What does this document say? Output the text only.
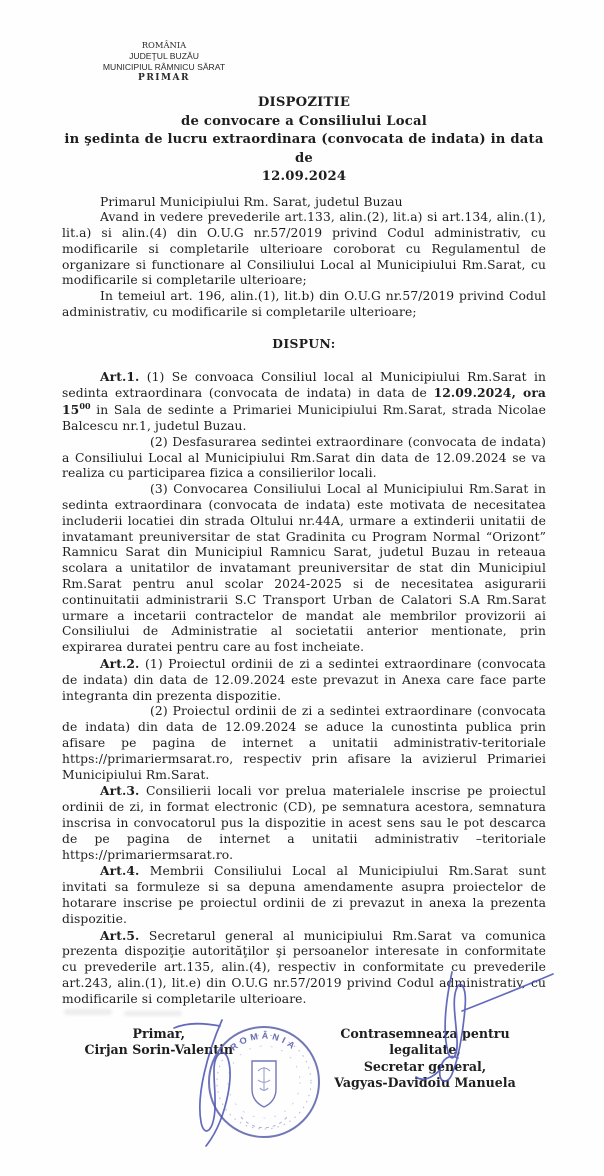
ROMÂNIA
JUDEŢUL BUZĂU
MUNICIPIUL RÂMNICU SĂRAT
PRIMAR
DISPOZITIE
de convocare a Consiliului Local
in şedinta de lucru extraordinara (convocata de indata) in data de
12.09.2024

Primarul Municipiului Rm. Sarat, judetul Buzau

Avand in vedere prevederile art.133, alin.(2), lit.a) si art.134, alin.(1), lit.a) si alin.(4) din O.U.G nr.57/2019 privind Codul administrativ, cu modificarile si completarile ulterioare coroborat cu Regulamentul de organizare si functionare al Consiliului Local al Municipiului Rm.Sarat, cu modificarile si completarile ulterioare;

In temeiul art. 196, alin.(1), lit.b) din O.U.G nr.57/2019 privind Codul administrativ, cu modificarile si completarile ulterioare;

DISPUN:

Art.1. (1) Se convoaca Consiliul local al Municipiului Rm.Sarat in sedinta extraordinara (convocata de indata) in data de 12.09.2024, ora $15^{00}$ in Sala de sedinte a Primariei Municipiului Rm.Sarat, strada Nicolae Balcescu nr.1, judetul Buzau.

(2) Desfasurarea sedintei extraordinare (convocata de indata) a Consiliului Local al Municipiului Rm.Sarat din data de 12.09.2024 se va realiza cu participarea fizica a consilierilor locali.

(3) Convocarea Consiliului Local al Municipiului Rm.Sarat in sedinta extraordinara (convocata de indata) este motivata de necesitatea includerii locatiei din strada Oltului nr.44A, urmare a extinderii unitatii de invatamant preuniversitar de stat Gradinita cu Program Normal “Orizont” Ramnicu Sarat din Municipiul Ramnicu Sarat, judetul Buzau in reteaua scolara a unitatilor de invatamant preuniversitar de stat din Municipiul Rm.Sarat pentru anul scolar 2024-2025 si de necesitatea asigurarii continuitatii administrarii S.C Transport Urban de Calatori S.A Rm.Sarat urmare a incetarii contractelor de mandat ale membrilor provizorii ai Consiliului de Administratie al societatii anterior mentionate, prin expirarea duratei pentru care au fost incheiate.

Art.2. (1) Proiectul ordinii de zi a sedintei extraordinare (convocata de indata) din data de 12.09.2024 este prevazut in Anexa care face parte integranta din prezenta dispozitie.

(2) Proiectul ordinii de zi a sedintei extraordinare (convocata de indata) din data de 12.09.2024 se aduce la cunostinta publica prin afisare pe pagina de internet a unitatii administrativ-teritoriale https://primariermsarat.ro, respectiv prin afisare la avizierul Primariei Municipiului Rm.Sarat.

Art.3. Consilierii locali vor prelua materialele inscrise pe proiectul ordinii de zi, in format electronic (CD), pe semnatura acestora, semnatura inscrisa in convocatorul pus la dispozitie in acest sens sau le pot descarca de pe pagina de internet a unitatii administrativ –teritoriale https://primariermsarat.ro.

Art.4. Membrii Consiliului Local al Municipiului Rm.Sarat sunt invitati sa formuleze si sa depuna amendamente asupra proiectelor de hotarare inscrise pe proiectul ordinii de zi prevazut in anexa la prezenta dispozitie.

Art.5. Secretarul general al municipiului Rm.Sarat va comunica prezenta dispoziţie autorităţilor şi persoanelor interesate in conformitate cu prevederile art.135, alin.(4), respectiv in conformitate cu prevederile art.243, alin.(1), lit.e) din O.U.G nr.57/2019 privind Codul administrativ, cu modificarile si completarile ulterioare.

Primar,
Cirjan Sorin-Valentin
Contrasemneaza pentru legalitate,
Secretar general,
Vagyas-Davidoiu Manuela
ROMÂNIA
